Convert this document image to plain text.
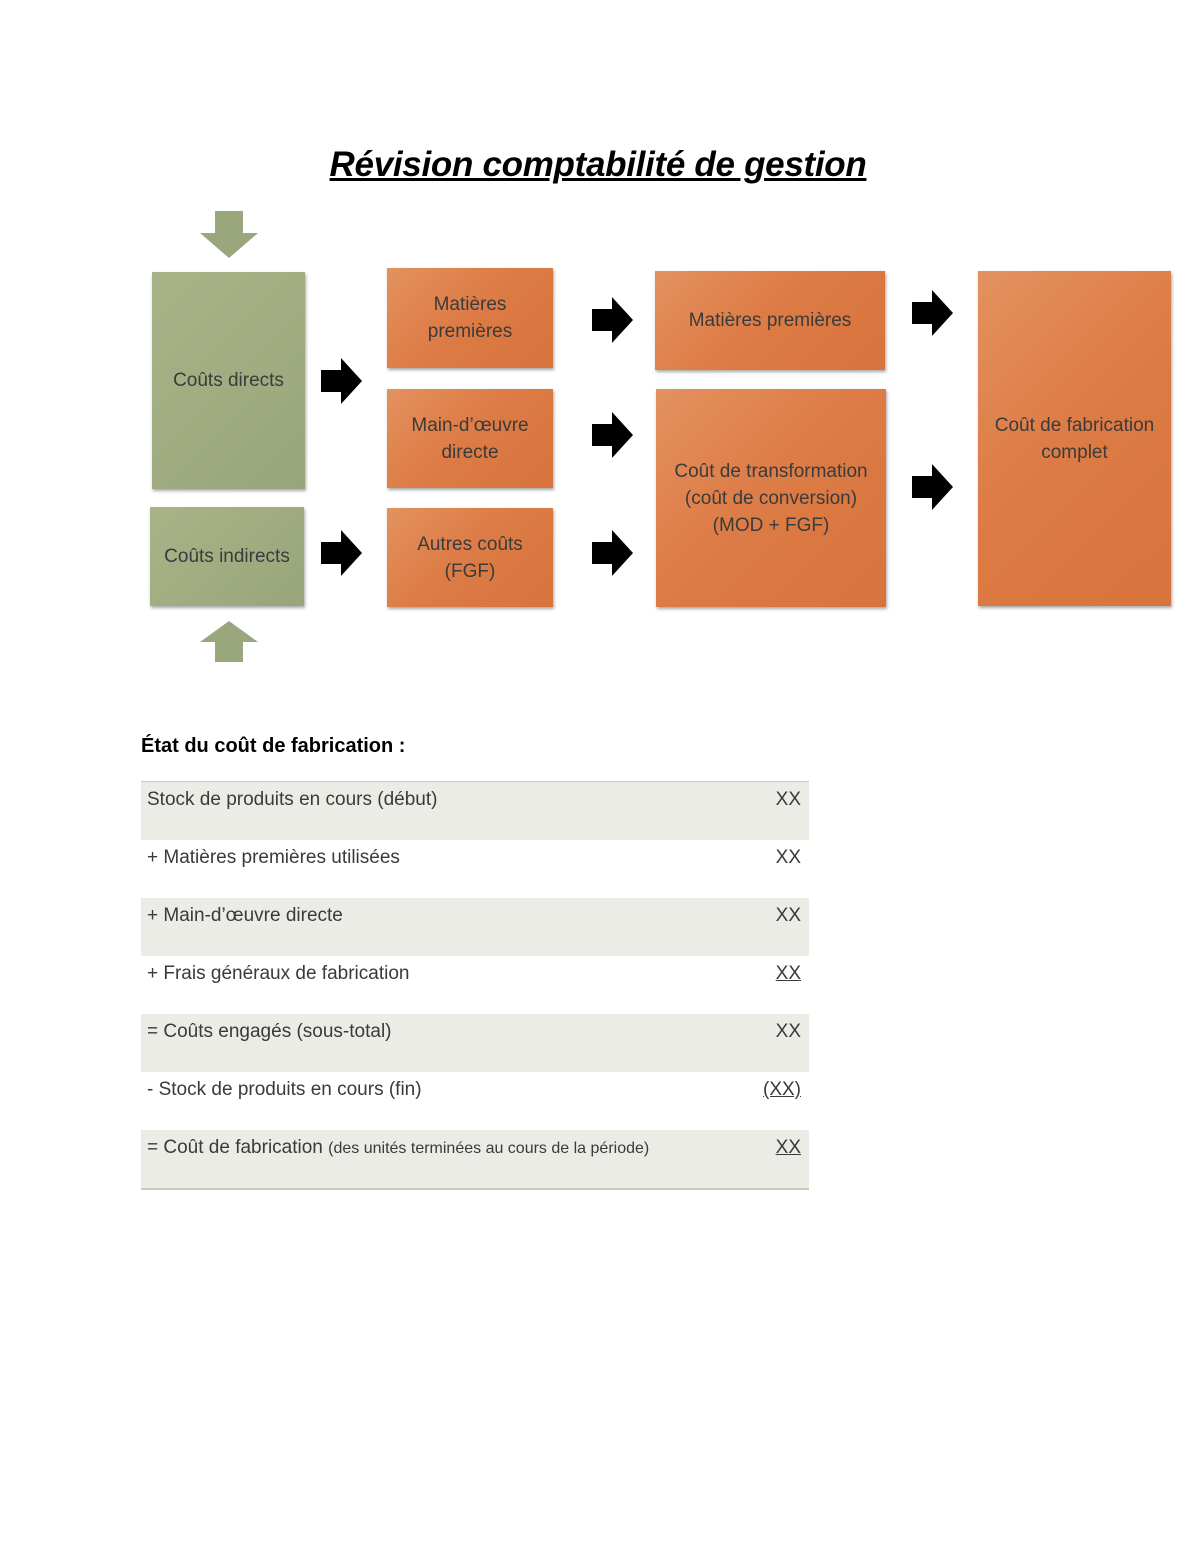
Révision comptabilité de gestion
Coûts directs
Coûts indirects
Matières premières
Main-d’œuvre directe
Autres coûts (FGF)
Matières premières
Coût de transformation (coût de conversion) (MOD + FGF)
Coût de fabrication complet
État du coût de fabrication :
Stock de produits en cours (début)	XX
+ Matières premières utilisées	XX
+ Main-d’œuvre directe	XX
+ Frais généraux de fabrication	XX
= Coûts engagés (sous-total)	XX
- Stock de produits en cours (fin)	(XX)
= Coût de fabrication (des unités terminées au cours de la période)	XX
